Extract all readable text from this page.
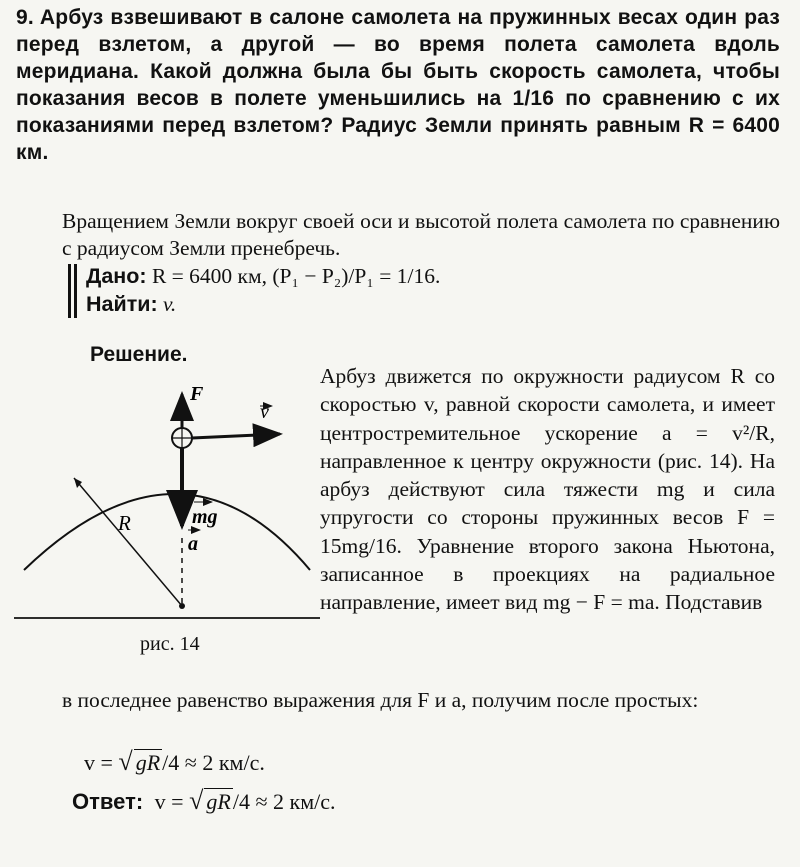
9. Арбуз взвешивают в салоне самолета на пружинных весах один раз перед взлетом, а другой — во время полета самолета вдоль меридиана. Какой должна была бы быть скорость самолета, чтобы показания весов в полете уменьшились на 1/16 по сравнению с их показаниями перед взлетом? Радиус Земли принять равным R = 6400 км.
Вращением Земли вокруг своей оси и высотой полета самолета по сравнению с радиусом Земли пренебречь.
Дано: R = 6400 км, (P₁ − P₂)/P₁ = 1/16.
Найти: v.
Решение.
F
v
mg
a
R
рис. 14
Арбуз движется по окружности радиусом R со скоростью v, равной скорости самолета, и имеет центростремительное ускорение a = v²/R, направленное к центру окружности (рис. 14). На арбуз действуют сила тяжести mg и сила упругости со стороны пружинных весов F = 15mg/16. Уравнение второго закона Ньютона, записанное в проекциях на радиальное направление, имеет вид mg − F = ma. Подставив
в последнее равенство выражения для F и a, получим после простых:
v = √ gR/4 ≈ 2 км/с.
Ответ: v = √ gR/4 ≈ 2 км/с.
